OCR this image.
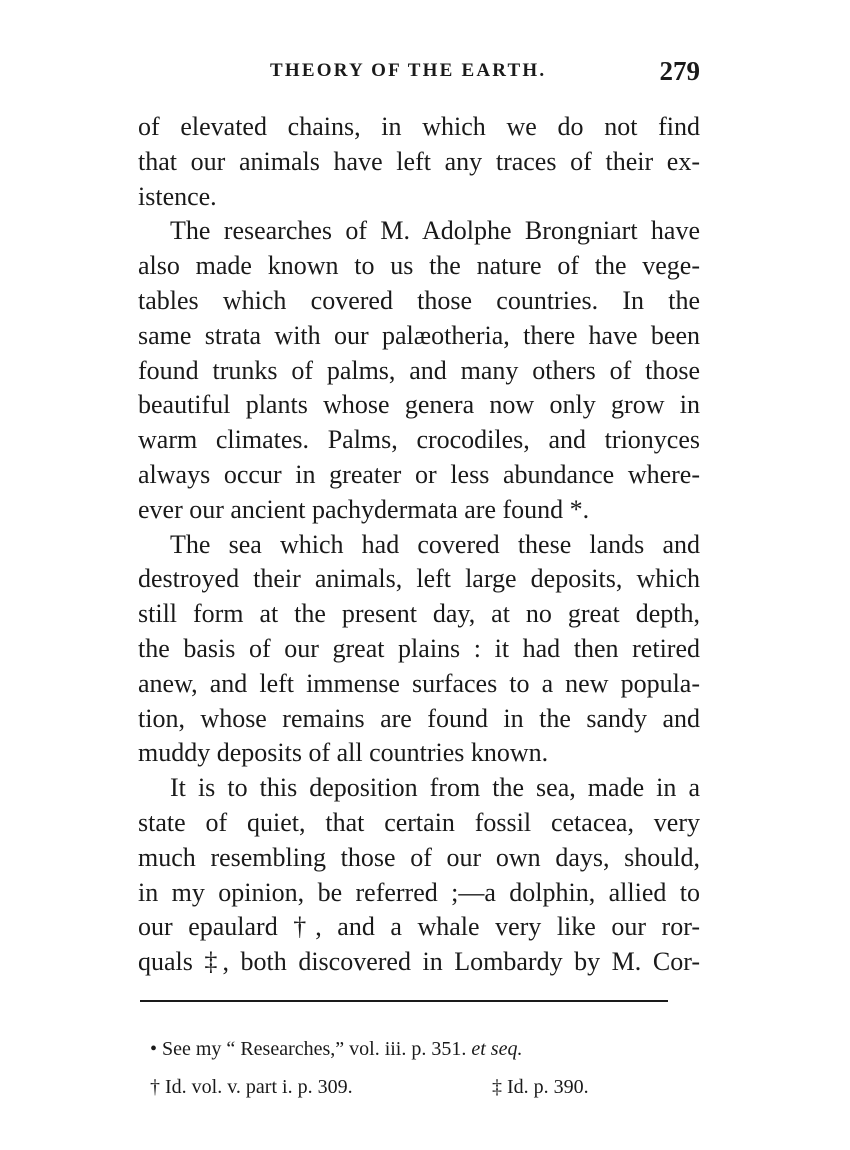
THEORY OF THE EARTH.	279
of elevated chains, in which we do not find
that our animals have left any traces of their ex-
istence.
The researches of M. Adolphe Brongniart have
also made known to us the nature of the vege-
tables which covered those countries. In the
same strata with our palæotheria, there have been
found trunks of palms, and many others of those
beautiful plants whose genera now only grow in
warm climates. Palms, crocodiles, and trionyces
always occur in greater or less abundance where-
ever our ancient pachydermata are found *.
The sea which had covered these lands and
destroyed their animals, left large deposits, which
still form at the present day, at no great depth,
the basis of our great plains : it had then retired
anew, and left immense surfaces to a new popula-
tion, whose remains are found in the sandy and
muddy deposits of all countries known.
It is to this deposition from the sea, made in a
state of quiet, that certain fossil cetacea, very
much resembling those of our own days, should,
in my opinion, be referred ;—a dolphin, allied to
our epaulard †, and a whale very like our ror-
quals ‡, both discovered in Lombardy by M. Cor-
• See my “ Researches,” vol. iii. p. 351. et seq.
† Id. vol. v. part i. p. 309.	‡ Id. p. 390.
